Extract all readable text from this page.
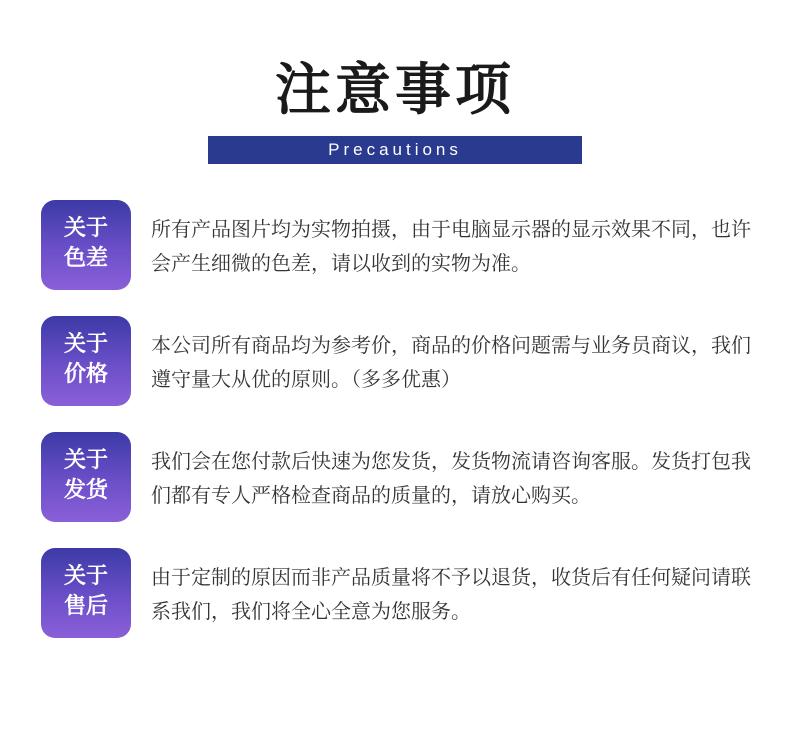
注意事项
Precautions
关于
色差

所有产品图片均为实物拍摄，由于电脑显示器的显示效果不同，也许会产生细微的色差，请以收到的实物为准。

关于
价格

本公司所有商品均为参考价，商品的价格问题需与业务员商议，我们遵守量大从优的原则。（多多优惠）

关于
发货

我们会在您付款后快速为您发货，发货物流请咨询客服。发货打包我们都有专人严格检查商品的质量的，请放心购买。

关于
售后

由于定制的原因而非产品质量将不予以退货，收货后有任何疑问请联系我们，我们将全心全意为您服务。
